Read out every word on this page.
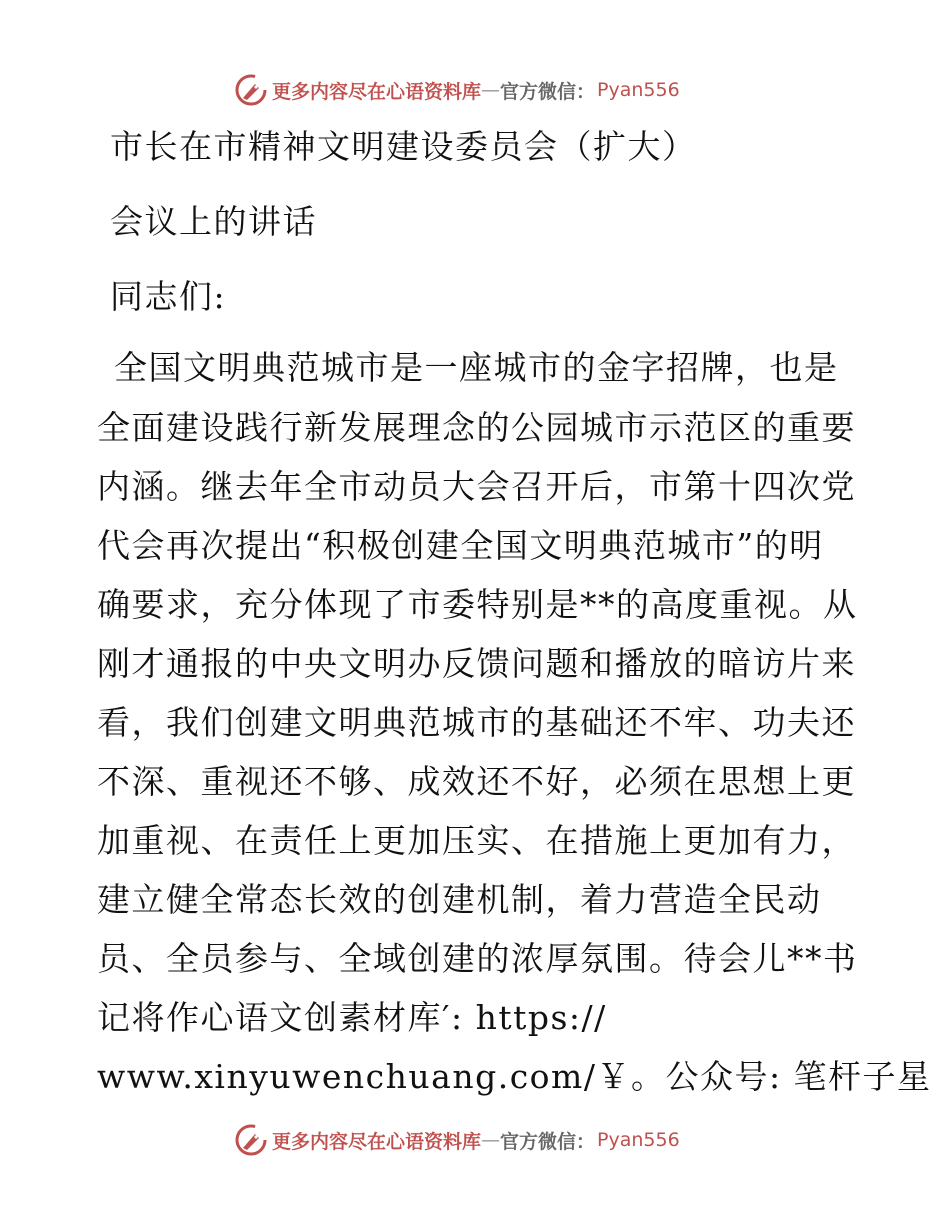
更多内容尽在心语资料库 — 官方微信： Pyan556
市长在市精神文明建设委员会（扩大）
会议上的讲话
同志们:
全国文明典范城市是一座城市的金字招牌，也是
全面建设践行新发展理念的公园城市示范区的重要
内涵。继去年全市动员大会召开后，市第十四次党
代会再次提出“积极创建全国文明典范城市”的明
确要求，充分体现了市委特别是**的高度重视。从
刚才通报的中央文明办反馈问题和播放的暗访片来
看，我们创建文明典范城市的基础还不牢、功夫还
不深、重视还不够、成效还不好，必须在思想上更
加重视、在责任上更加压实、在措施上更加有力，
建立健全常态长效的创建机制，着力营造全民动
员、全员参与、全域创建的浓厚氛围。待会儿**书
记将作心语文创素材库′: https://
www.xinyuwenchuang.com/￥。公众号: 笔杆子星
更多内容尽在心语资料库 — 官方微信： Pyan556
